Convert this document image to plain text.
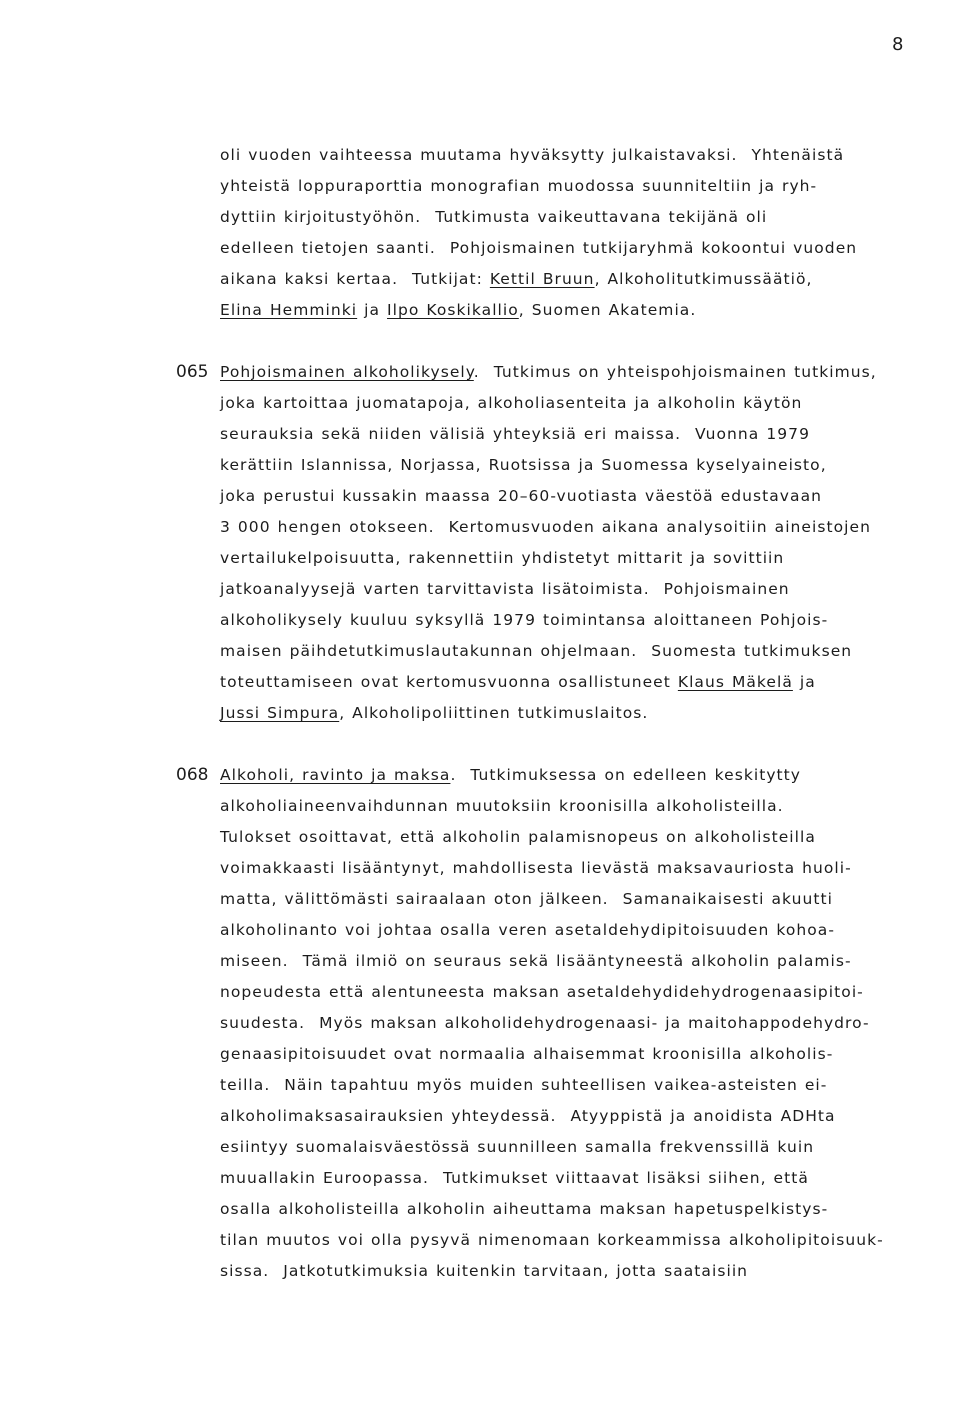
8
oli vuoden vaihteessa muutama hyväksytty julkaistavaksi.  Yhtenäistä
yhteistä loppuraporttia monografian muodossa suunniteltiin ja ryh-
dyttiin kirjoitustyöhön.  Tutkimusta vaikeuttavana tekijänä oli
edelleen tietojen saanti.  Pohjoismainen tutkijaryhmä kokoontui vuoden
aikana kaksi kertaa.  Tutkijat: Kettil Bruun, Alkoholitutkimussäätiö,
Elina Hemminki ja Ilpo Koskikallio, Suomen Akatemia.
065 Pohjoismainen alkoholikysely.  Tutkimus on yhteispohjoismainen tutkimus,
joka kartoittaa juomatapoja, alkoholiasenteita ja alkoholin käytön
seurauksia sekä niiden välisiä yhteyksiä eri maissa.  Vuonna 1979
kerättiin Islannissa, Norjassa, Ruotsissa ja Suomessa kyselyaineisto,
joka perustui kussakin maassa 20–60-vuotiasta väestöä edustavaan
3 000 hengen otokseen.  Kertomusvuoden aikana analysoitiin aineistojen
vertailukelpoisuutta, rakennettiin yhdistetyt mittarit ja sovittiin
jatkoanalyysejä varten tarvittavista lisätoimista.  Pohjoismainen
alkoholikysely kuuluu syksyllä 1979 toimintansa aloittaneen Pohjois-
maisen päihdetutkimuslautakunnan ohjelmaan.  Suomesta tutkimuksen
toteuttamiseen ovat kertomusvuonna osallistuneet Klaus Mäkelä ja
Jussi Simpura, Alkoholipoliittinen tutkimuslaitos.
068 Alkoholi, ravinto ja maksa.  Tutkimuksessa on edelleen keskitytty
alkoholiaineenvaihdunnan muutoksiin kroonisilla alkoholisteilla.
Tulokset osoittavat, että alkoholin palamisnopeus on alkoholisteilla
voimakkaasti lisääntynyt, mahdollisesta lievästä maksavauriosta huoli-
matta, välittömästi sairaalaan oton jälkeen.  Samanaikaisesti akuutti
alkoholinanto voi johtaa osalla veren asetaldehydipitoisuuden kohoa-
miseen.  Tämä ilmiö on seuraus sekä lisääntyneestä alkoholin palamis-
nopeudesta että alentuneesta maksan asetaldehydidehydrogenaasipitoi-
suudesta.  Myös maksan alkoholidehydrogenaasi- ja maitohappodehydro-
genaasipitoisuudet ovat normaalia alhaisemmat kroonisilla alkoholis-
teilla.  Näin tapahtuu myös muiden suhteellisen vaikea-asteisten ei-
alkoholimaksasairauksien yhteydessä.  Atyyppistä ja anoidista ADHta
esiintyy suomalaisväestössä suunnilleen samalla frekvenssillä kuin
muuallakin Euroopassa.  Tutkimukset viittaavat lisäksi siihen, että
osalla alkoholisteilla alkoholin aiheuttama maksan hapetuspelkistys-
tilan muutos voi olla pysyvä nimenomaan korkeammissa alkoholipitoisuuk-
sissa.  Jatkotutkimuksia kuitenkin tarvitaan, jotta saataisiin
